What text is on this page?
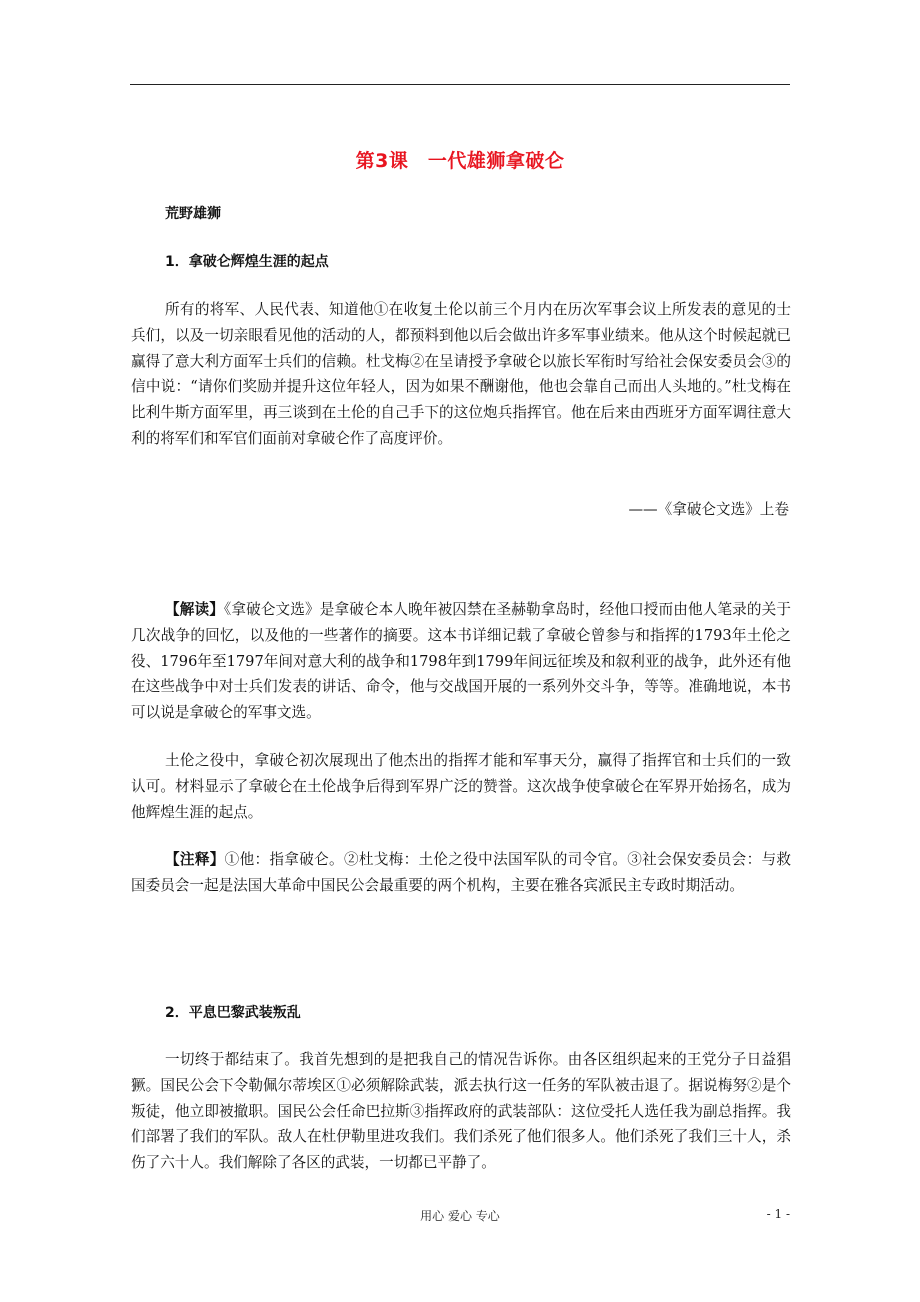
第3课　一代雄狮拿破仑
荒野雄狮
1．拿破仑辉煌生涯的起点

所有的将军、人民代表、知道他①在收复土伦以前三个月内在历次军事会议上所发表的意见的士兵们，以及一切亲眼看见他的活动的人，都预料到他以后会做出许多军事业绩来。他从这个时候起就已赢得了意大利方面军士兵们的信赖。杜戈梅②在呈请授予拿破仑以旅长军衔时写给社会保安委员会③的信中说：“请你们奖励并提升这位年轻人，因为如果不酬谢他，他也会靠自己而出人头地的。”杜戈梅在比利牛斯方面军里，再三谈到在土伦的自己手下的这位炮兵指挥官。他在后来由西班牙方面军调往意大利的将军们和军官们面前对拿破仑作了高度评价。

——《拿破仑文选》上卷

【解读】《拿破仑文选》是拿破仑本人晚年被囚禁在圣赫勒拿岛时，经他口授而由他人笔录的关于几次战争的回忆，以及他的一些著作的摘要。这本书详细记载了拿破仑曾参与和指挥的1793年土伦之役、1796年至1797年间对意大利的战争和1798年到1799年间远征埃及和叙利亚的战争，此外还有他在这些战争中对士兵们发表的讲话、命令，他与交战国开展的一系列外交斗争，等等。准确地说，本书可以说是拿破仑的军事文选。

土伦之役中，拿破仑初次展现出了他杰出的指挥才能和军事天分，赢得了指挥官和士兵们的一致认可。材料显示了拿破仑在土伦战争后得到军界广泛的赞誉。这次战争使拿破仑在军界开始扬名，成为他辉煌生涯的起点。

【注释】①他：指拿破仑。②杜戈梅：土伦之役中法国军队的司令官。③社会保安委员会：与救国委员会一起是法国大革命中国民公会最重要的两个机构，主要在雅各宾派民主专政时期活动。

2．平息巴黎武装叛乱

一切终于都结束了。我首先想到的是把我自己的情况告诉你。由各区组织起来的王党分子日益猖獗。国民公会下令勒佩尔蒂埃区①必须解除武装，派去执行这一任务的军队被击退了。据说梅努②是个叛徒，他立即被撤职。国民公会任命巴拉斯③指挥政府的武装部队：这位受托人选任我为副总指挥。我们部署了我们的军队。敌人在杜伊勒里进攻我们。我们杀死了他们很多人。他们杀死了我们三十人，杀伤了六十人。我们解除了各区的武装，一切都已平静了。

用心 爱心 专心	- 1 -
